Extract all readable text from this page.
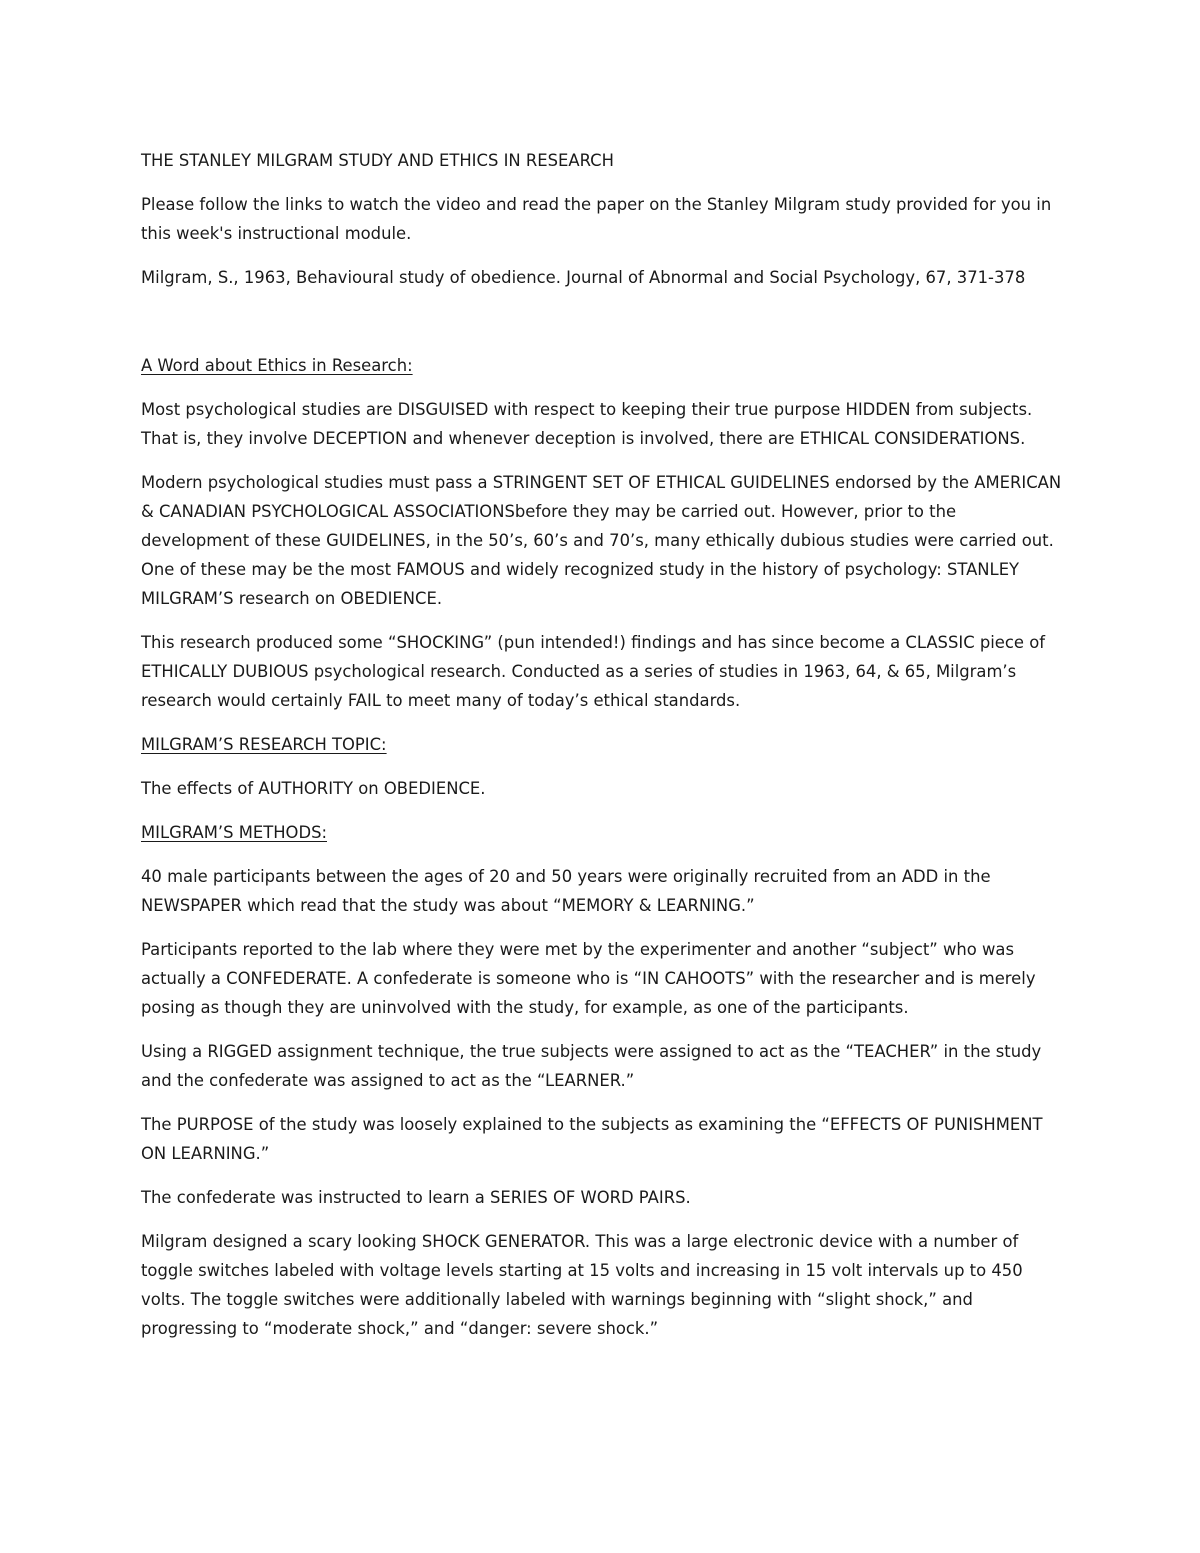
THE STANLEY MILGRAM STUDY AND ETHICS IN RESEARCH

Please follow the links to watch the video and read the paper on the Stanley Milgram study provided for you in this week's instructional module.

Milgram, S., 1963, Behavioural study of obedience. Journal of Abnormal and Social Psychology, 67, 371-378

A Word about Ethics in Research:

Most psychological studies are DISGUISED with respect to keeping their true purpose HIDDEN from subjects. That is, they involve DECEPTION and whenever deception is involved, there are ETHICAL CONSIDERATIONS.

Modern psychological studies must pass a STRINGENT SET OF ETHICAL GUIDELINES endorsed by the AMERICAN & CANADIAN PSYCHOLOGICAL ASSOCIATIONSbefore they may be carried out. However, prior to the development of these GUIDELINES, in the 50’s, 60’s and 70’s, many ethically dubious studies were carried out. One of these may be the most FAMOUS and widely recognized study in the history of psychology: STANLEY MILGRAM’S research on OBEDIENCE.

This research produced some “SHOCKING” (pun intended!) findings and has since become a CLASSIC piece of ETHICALLY DUBIOUS psychological research. Conducted as a series of studies in 1963, 64, & 65, Milgram’s research would certainly FAIL to meet many of today’s ethical standards.

MILGRAM’S RESEARCH TOPIC:

The effects of AUTHORITY on OBEDIENCE.

MILGRAM’S METHODS:

40 male participants between the ages of 20 and 50 years were originally recruited from an ADD in the NEWSPAPER which read that the study was about “MEMORY & LEARNING.”

Participants reported to the lab where they were met by the experimenter and another “subject” who was actually a CONFEDERATE. A confederate is someone who is “IN CAHOOTS” with the researcher and is merely posing as though they are uninvolved with the study, for example, as one of the participants.

Using a RIGGED assignment technique, the true subjects were assigned to act as the “TEACHER” in the study and the confederate was assigned to act as the “LEARNER.”

The PURPOSE of the study was loosely explained to the subjects as examining the “EFFECTS OF PUNISHMENT ON LEARNING.”

The confederate was instructed to learn a SERIES OF WORD PAIRS.

Milgram designed a scary looking SHOCK GENERATOR. This was a large electronic device with a number of toggle switches labeled with voltage levels starting at 15 volts and increasing in 15 volt intervals up to 450 volts. The toggle switches were additionally labeled with warnings beginning with “slight shock,” and progressing to “moderate shock,” and “danger: severe shock.”
